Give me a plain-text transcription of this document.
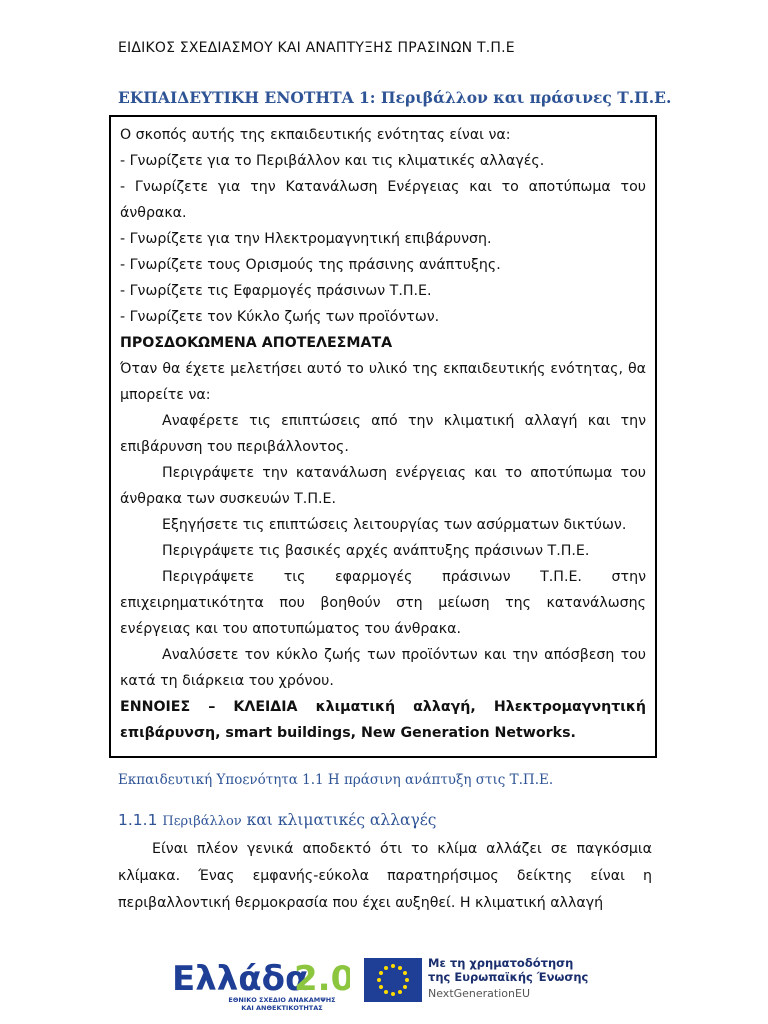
ΕΙΔΙΚΟΣ ΣΧΕΔΙΑΣΜΟΥ ΚΑΙ ΑΝΑΠΤΥΞΗΣ ΠΡΑΣΙΝΩΝ Τ.Π.Ε
ΕΚΠΑΙΔΕΥΤΙΚΗ ΕΝΟΤΗΤΑ 1: Περιβάλλον και πράσινες Τ.Π.Ε.

Ο σκοπός αυτής της εκπαιδευτικής ενότητας είναι να:

- Γνωρίζετε για το Περιβάλλον και τις κλιματικές αλλαγές.

- Γνωρίζετε για την Κατανάλωση Ενέργειας και το αποτύπωμα του άνθρακα.

- Γνωρίζετε για την Ηλεκτρομαγνητική επιβάρυνση.

- Γνωρίζετε τους Ορισμούς της πράσινης ανάπτυξης.

- Γνωρίζετε τις Εφαρμογές πράσινων Τ.Π.Ε.

- Γνωρίζετε τον Κύκλο ζωής των προϊόντων.

ΠΡΟΣΔΟΚΩΜΕΝΑ ΑΠΟΤΕΛΕΣΜΑΤΑ

Όταν θα έχετε μελετήσει αυτό το υλικό της εκπαιδευτικής ενότητας, θα μπορείτε να:

Αναφέρετε τις επιπτώσεις από την κλιματική αλλαγή και την επιβάρυνση του περιβάλλοντος.

Περιγράψετε την κατανάλωση ενέργειας και το αποτύπωμα του άνθρακα των συσκευών Τ.Π.Ε.

Εξηγήσετε τις επιπτώσεις λειτουργίας των ασύρματων δικτύων.

Περιγράψετε τις βασικές αρχές ανάπτυξης πράσινων Τ.Π.Ε.

Περιγράψετε τις εφαρμογές πράσινων Τ.Π.Ε. στην επιχειρηματικότητα που βοηθούν στη μείωση της κατανάλωσης ενέργειας και του αποτυπώματος του άνθρακα.

Αναλύσετε τον κύκλο ζωής των προϊόντων και την απόσβεση του κατά τη διάρκεια του χρόνου.

ΕΝΝΟΙΕΣ – ΚΛΕΙΔΙΑ κλιματική αλλαγή, Ηλεκτρομαγνητική επιβάρυνση, smart buildings, New Generation Networks.

Εκπαιδευτική Υποενότητα 1.1 Η πράσινη ανάπτυξη στις Τ.Π.Ε.
1.1.1 Περιβάλλον και κλιματικές αλλαγές

Είναι πλέον γενικά αποδεκτό ότι το κλίμα αλλάζει σε παγκόσμια κλίμακα. Ένας εμφανής-εύκολα παρατηρήσιμος δείκτης είναι η περιβαλλοντική θερμοκρασία που έχει αυξηθεί. Η κλιματική αλλαγή

Ελλάδα
2.0
ΕΘΝΙΚΟ ΣΧΕΔΙΟ ΑΝΑΚΑΜΨΗΣ
ΚΑΙ ΑΝΘΕΚΤΙΚΟΤΗΤΑΣ
Με τη χρηματοδότηση
της Ευρωπαϊκής Ένωσης
NextGenerationEU
